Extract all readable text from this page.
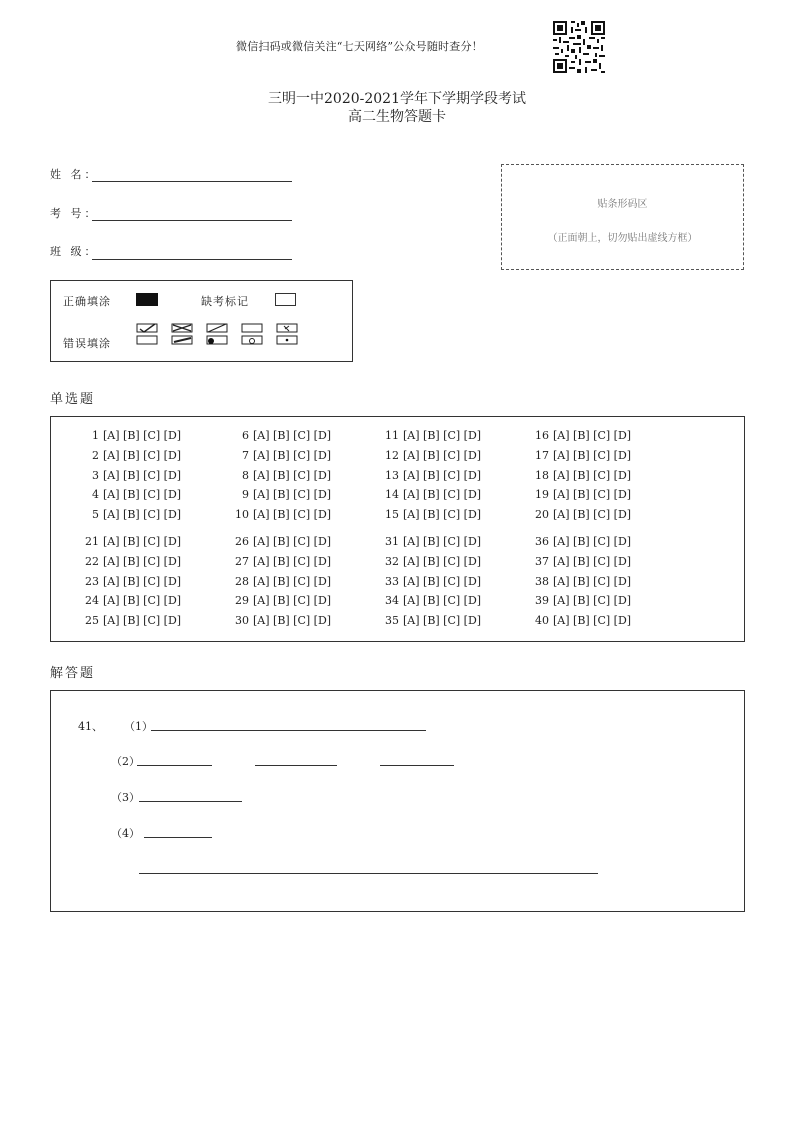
微信扫码或微信关注“七天网络”公众号随时查分！
三明一中2020-2021学年下学期学段考试
高二生物答题卡
姓 名：
考 号：
班 级：
贴条形码区
（正面朝上，切勿贴出虚线方框）
正确填涂	缺考标记
错误填涂
单选题
1 [A] [B] [C] [D]
2 [A] [B] [C] [D]
3 [A] [B] [C] [D]
4 [A] [B] [C] [D]
5 [A] [B] [C] [D]
6 [A] [B] [C] [D]
7 [A] [B] [C] [D]
8 [A] [B] [C] [D]
9 [A] [B] [C] [D]
10 [A] [B] [C] [D]
11 [A] [B] [C] [D]
12 [A] [B] [C] [D]
13 [A] [B] [C] [D]
14 [A] [B] [C] [D]
15 [A] [B] [C] [D]
16 [A] [B] [C] [D]
17 [A] [B] [C] [D]
18 [A] [B] [C] [D]
19 [A] [B] [C] [D]
20 [A] [B] [C] [D]
21 [A] [B] [C] [D]
22 [A] [B] [C] [D]
23 [A] [B] [C] [D]
24 [A] [B] [C] [D]
25 [A] [B] [C] [D]
26 [A] [B] [C] [D]
27 [A] [B] [C] [D]
28 [A] [B] [C] [D]
29 [A] [B] [C] [D]
30 [A] [B] [C] [D]
31 [A] [B] [C] [D]
32 [A] [B] [C] [D]
33 [A] [B] [C] [D]
34 [A] [B] [C] [D]
35 [A] [B] [C] [D]
36 [A] [B] [C] [D]
37 [A] [B] [C] [D]
38 [A] [B] [C] [D]
39 [A] [B] [C] [D]
40 [A] [B] [C] [D]
解答题
41、 （1）
（2）
（3）
（4）
